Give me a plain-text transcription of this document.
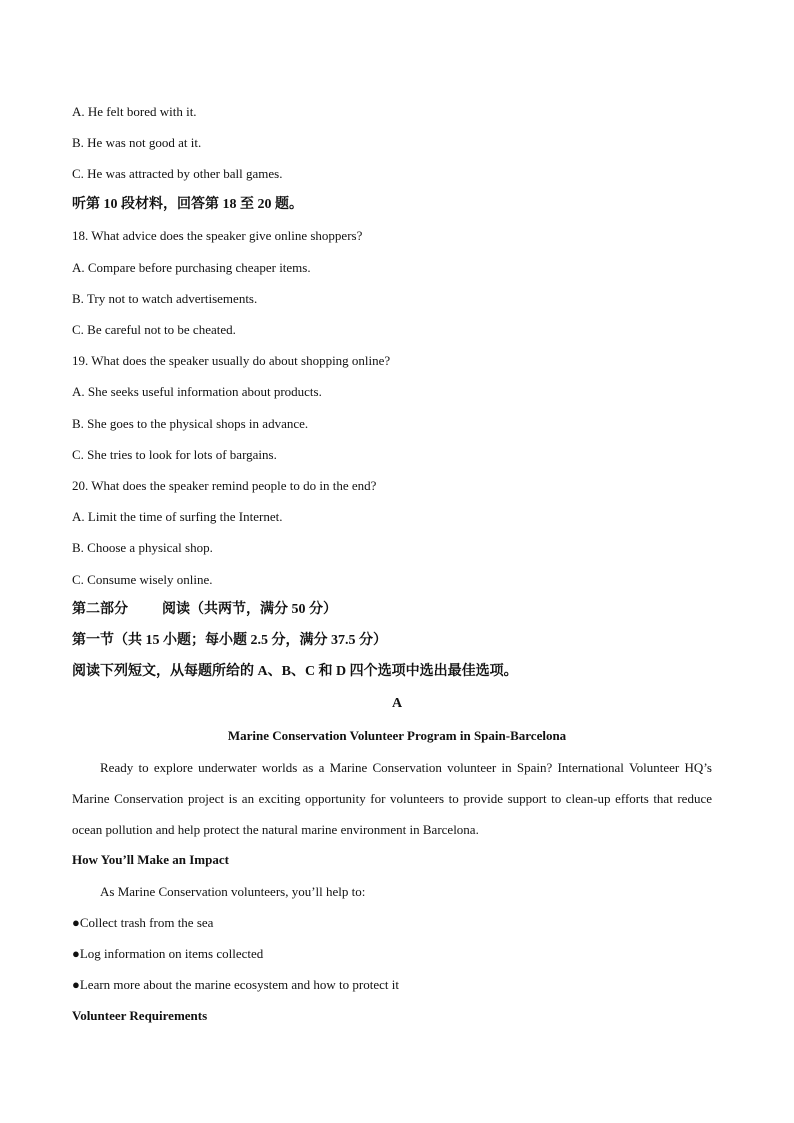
A. He felt bored with it.
B. He was not good at it.
C. He was attracted by other ball games.
听第 10 段材料，回答第 18 至 20 题。
18. What advice does the speaker give online shoppers?
A. Compare before purchasing cheaper items.
B. Try not to watch advertisements.
C. Be careful not to be cheated.
19. What does the speaker usually do about shopping online?
A. She seeks useful information about products.
B. She goes to the physical shops in advance.
C. She tries to look for lots of bargains.
20. What does the speaker remind people to do in the end?
A. Limit the time of surfing the Internet.
B. Choose a physical shop.
C. Consume wisely online.
第二部分 阅读（共两节，满分 50 分）
第一节（共 15 小题；每小题 2.5 分，满分 37.5 分）
阅读下列短文，从每题所给的 A、B、C 和 D 四个选项中选出最佳选项。
A
Marine Conservation Volunteer Program in Spain-Barcelona
Ready to explore underwater worlds as a Marine Conservation volunteer in Spain? International Volunteer HQ’s Marine Conservation project is an exciting opportunity for volunteers to provide support to clean-up efforts that reduce ocean pollution and help protect the natural marine environment in Barcelona.
How You’ll Make an Impact
As Marine Conservation volunteers, you’ll help to:
●Collect trash from the sea
●Log information on items collected
●Learn more about the marine ecosystem and how to protect it
Volunteer Requirements
